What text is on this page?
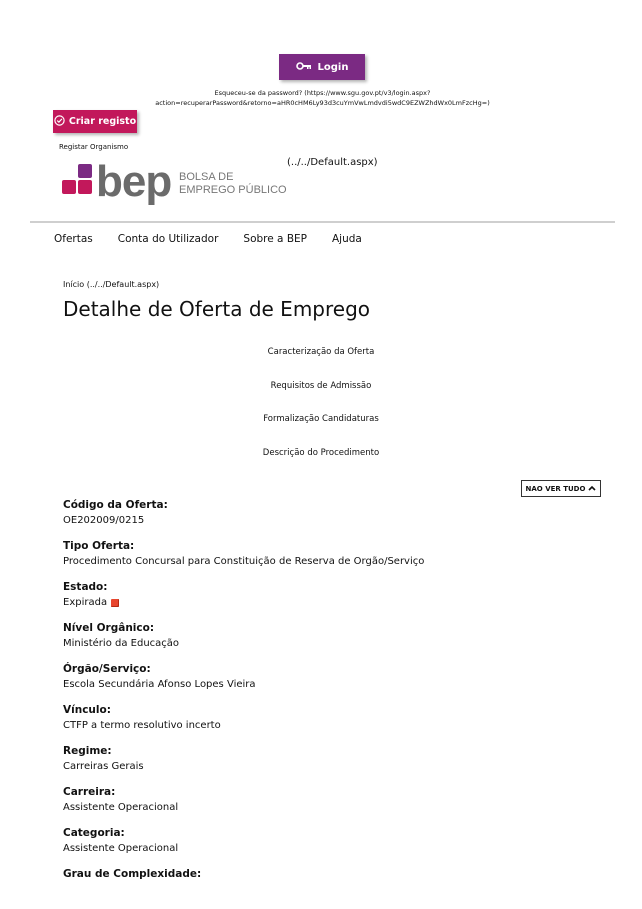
Login
Esqueceu-se da password? (https://www.sgu.gov.pt/v3/login.aspx?action=recuperarPassword&retorno=aHR0cHM6Ly93d3cuYmVwLmdvdi5wdC9EZWZhdWx0LmFzcHg=)
Criar registo
Registar Organismo
bep BOLSA DE
EMPREGO PÚBLICO
(../../Default.aspx)
Ofertas Conta do Utilizador Sobre a BEP Ajuda
Início (../../Default.aspx)
Detalhe de Oferta de Emprego
Caracterização da Oferta
Requisitos de Admissão
Formalização Candidaturas
Descrição do Procedimento
NAO VER TUDO
Código da Oferta:
OE202009/0215
Tipo Oferta:
Procedimento Concursal para Constituição de Reserva de Orgão/Serviço
Estado:
Expirada
Nível Orgânico:
Ministério da Educação
Órgão/Serviço:
Escola Secundária Afonso Lopes Vieira
Vínculo:
CTFP a termo resolutivo incerto
Regime:
Carreiras Gerais
Carreira:
Assistente Operacional
Categoria:
Assistente Operacional
Grau de Complexidade:
